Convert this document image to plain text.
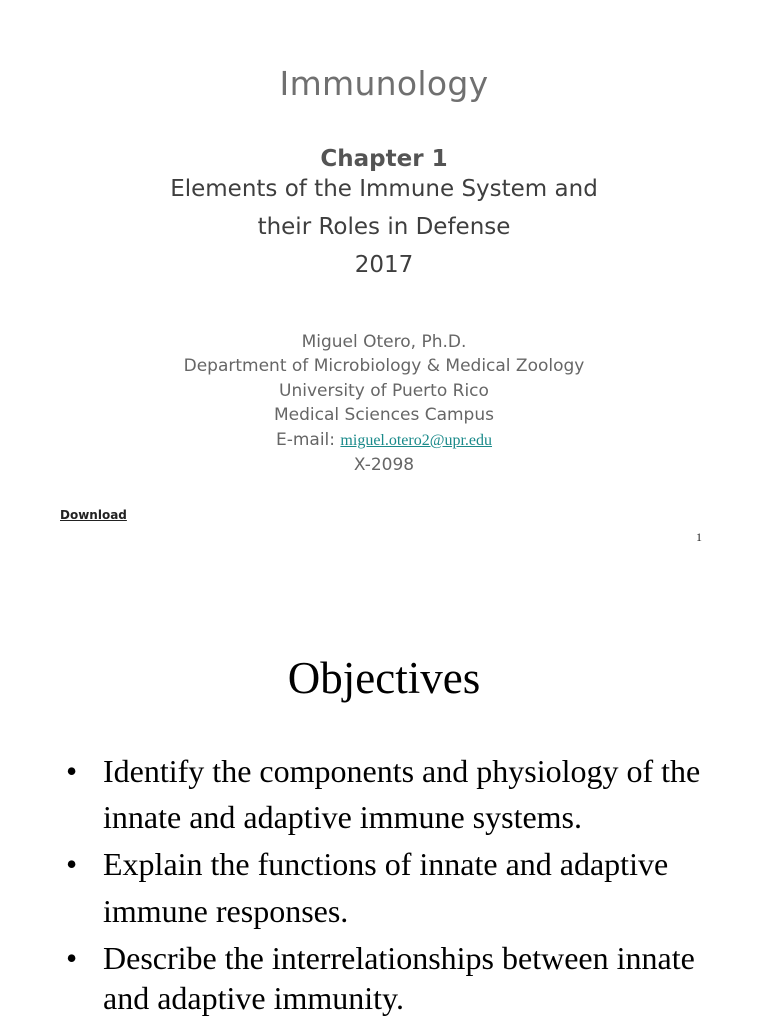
Immunology
Chapter 1
Elements of the Immune System and
their Roles in Defense
2017
Miguel Otero, Ph.D.
Department of Microbiology & Medical Zoology
University of Puerto Rico
Medical Sciences Campus
E-mail: miguel.otero2@upr.edu
X-2098
Download
1
Objectives
• Identify the components and physiology of the innate and adaptive immune systems.
• Explain the functions of innate and adaptive immune responses.
• Describe the interrelationships between innate and adaptive immunity.
